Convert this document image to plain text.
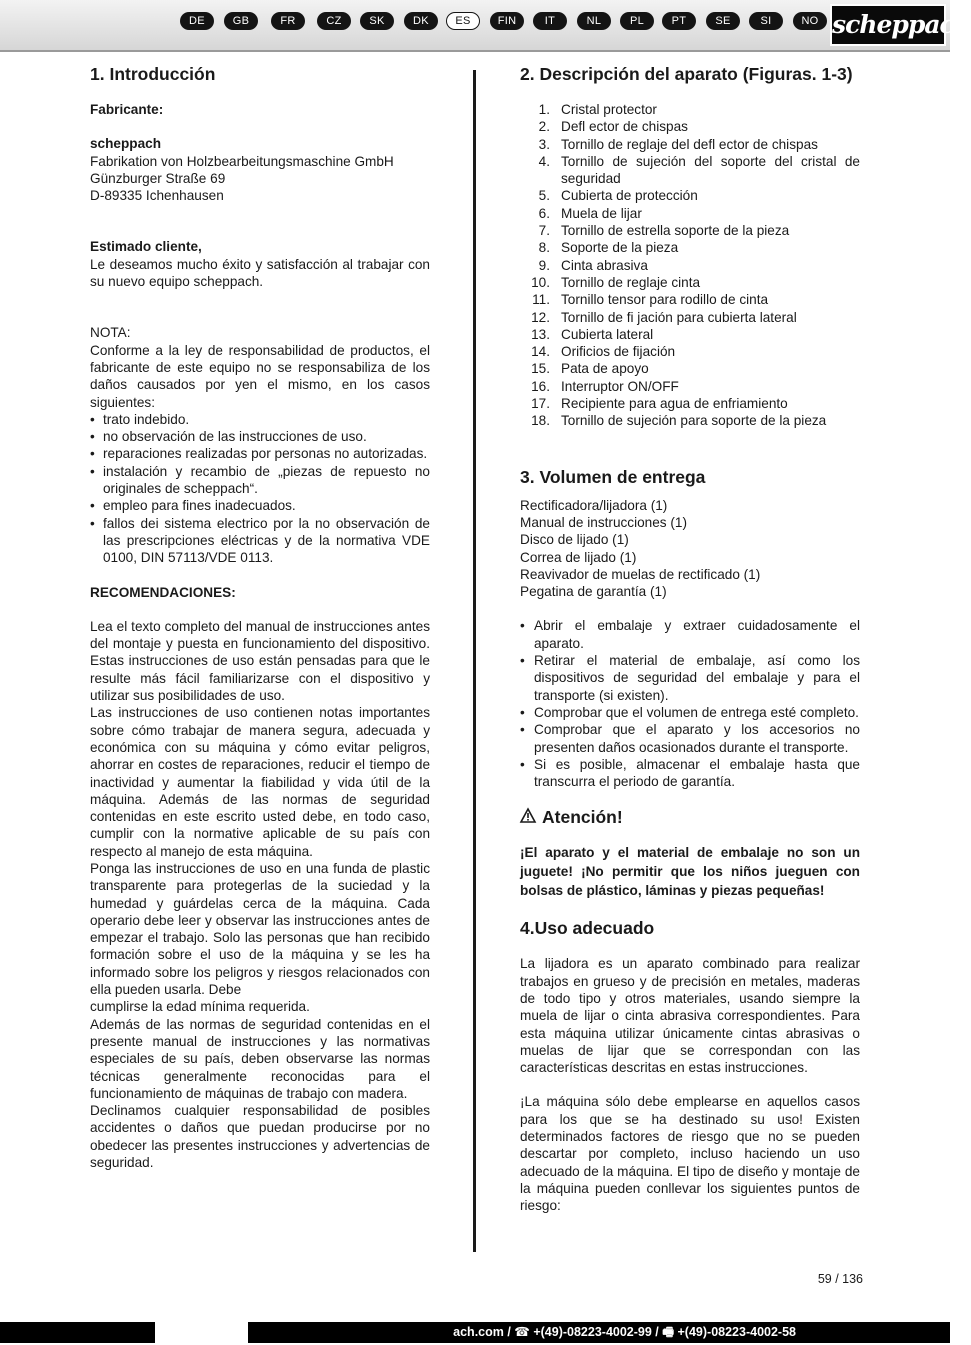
DE	GB	FR	CZ	SK	DK	ES	FIN	IT	NL	PL	PT	SE	SI	NO scheppach
1. Introducción

Fabricante:

scheppach

Fabrikation von Holzbearbeitungsmaschine GmbH

Günzburger Straße 69

D-89335 Ichenhausen

Estimado cliente,

Le deseamos mucho éxito y satisfacción al trabajar con su nuevo equipo scheppach.

NOTA:

Conforme a la ley de responsabilidad de productos, el fabricante de este equipo no se responsabiliza de los daños causados por yen el mismo, en los casos siguientes:

• trato indebido.
• no observación de las instrucciones de uso.
• reparaciones realizadas por personas no autorizadas.
• instalación y recambio de „piezas de repuesto no originales de scheppach“.
• empleo para fines inadecuados.
• fallos dei sistema electrico por la no observación de las prescripciones eléctricas y de la normativa VDE 0100, DIN 57113/VDE 0113.

RECOMENDACIONES:

Lea el texto completo del manual de instrucciones antes del montaje y puesta en funcionamiento del dispositivo. Estas instrucciones de uso están pensadas para que le resulte más fácil familiarizarse con el dispositivo y utilizar sus posibilidades de uso.

Las instrucciones de uso contienen notas importantes sobre cómo trabajar de manera segura, adecuada y económica con su máquina y cómo evitar peligros, ahorrar en costes de reparaciones, reducir el tiempo de inactividad y aumentar la fiabilidad y vida útil de la máquina. Además de las normas de seguridad contenidas en este escrito usted debe, en todo caso, cumplir con la normative aplicable de su país con respecto al manejo de esta máquina.

Ponga las instrucciones de uso en una funda de plastic transparente para protegerlas de la suciedad y la humedad y guárdelas cerca de la máquina. Cada operario debe leer y observar las instrucciones antes de empezar el trabajo. Solo las personas que han recibido formación sobre el uso de la máquina y se les ha informado sobre los peligros y riesgos relacionados con ella pueden usarla. Debe

cumplirse la edad mínima requerida.

Además de las normas de seguridad contenidas en el presente manual de instrucciones y las normativas especiales de su país, deben observarse las normas técnicas generalmente reconocidas para el funcionamiento de máquinas de trabajo con madera.

Declinamos cualquier responsabilidad de posibles accidentes o daños que puedan producirse por no obedecer las presentes instrucciones y advertencias de seguridad.

2. Descripción del aparato (Figuras. 1-3)
1. Cristal protector
2. Defl ector de chispas
3. Tornillo de reglaje del defl ector de chispas
4. Tornillo de sujeción del soporte del cristal de seguridad
5. Cubierta de protección
6. Muela de lijar
7. Tornillo de estrella soporte de la pieza
8. Soporte de la pieza
9. Cinta abrasiva
10. Tornillo de reglaje cinta
11. Tornillo tensor para rodillo de cinta
12. Tornillo de fi jación para cubierta lateral
13. Cubierta lateral
14. Orificios de fijación
15. Pata de apoyo
16. Interruptor ON/OFF
17. Recipiente para agua de enfriamiento
18. Tornillo de sujeción para soporte de la pieza
3. Volumen de entrega

Rectificadora/lijadora (1)

Manual de instrucciones (1)

Disco de lijado (1)

Correa de lijado (1)

Reavivador de muelas de rectificado (1)

Pegatina de garantía (1)

• Abrir el embalaje y extraer cuidadosamente el aparato.
• Retirar el material de embalaje, así como los dispositivos de seguridad del embalaje y para el transporte (si existen).
• Comprobar que el volumen de entrega esté completo.
• Comprobar que el aparato y los accesorios no presenten daños ocasionados durante el transporte.
• Si es posible, almacenar el embalaje hasta que transcurra el periodo de garantía.
Atención!

¡El aparato y el material de embalaje no son un juguete! ¡No permitir que los niños jueguen con bolsas de plástico, láminas y piezas pequeñas!

4.Uso adecuado

La lijadora es un aparato combinado para realizar trabajos en grueso y de precisión en metales, maderas de todo tipo y otros materiales, usando siempre la muela de lijar o cinta abrasiva correspondientes. Para esta máquina utilizar únicamente cintas abrasivas o muelas de lijar que se correspondan con las características descritas en estas instrucciones.

¡La máquina sólo debe emplearse en aquellos casos para los que se ha destinado su uso! Existen determinados factores de riesgo que no se pueden descartar por completo, incluso haciendo un uso adecuado de la máquina. El tipo de diseño y montaje de la máquina pueden conllevar los siguientes puntos de riesgo:

59 / 136
ach.com / ☎ +(49)-08223-4002-99 / 🖷 +(49)-08223-4002-58
